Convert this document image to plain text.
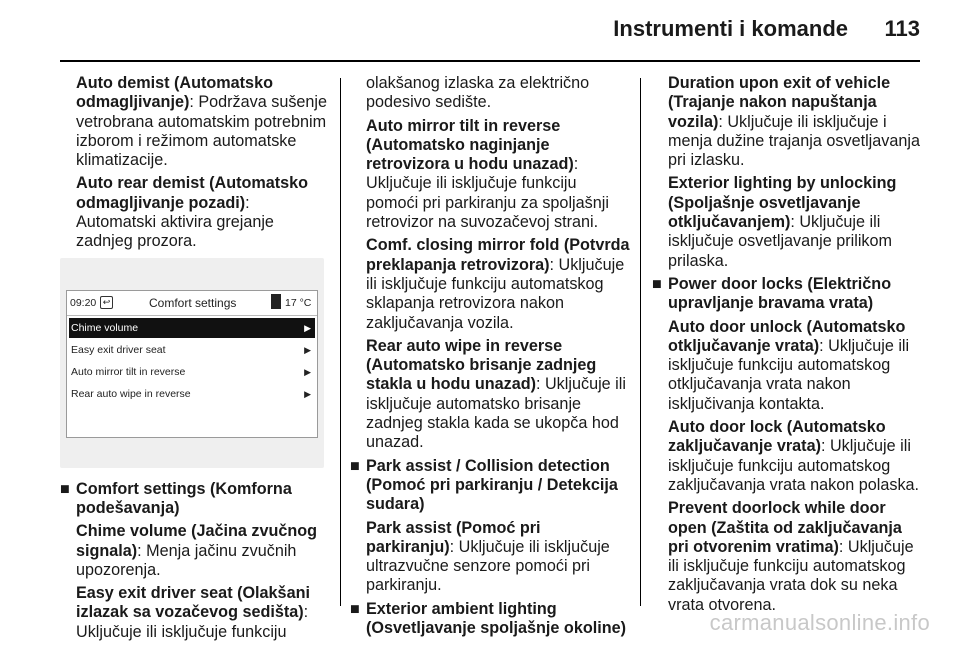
Instrumenti i komande 113

Auto demist (Automatsko odmagljivanje): Podržava sušenje vetrobrana automatskim potrebnim izborom i režimom automatske klimatizacije.

Auto rear demist (Automatsko odmagljivanje pozadi): Automatski aktivira grejanje zadnjeg prozora.

09:20 ↩	Comfort settings	17 °C
Chime volume	▶
Easy exit driver seat	▶
Auto mirror tilt in reverse	▶
Rear auto wipe in reverse	▶

■ Comfort settings (Komforna podešavanja)

Chime volume (Jačina zvučnog signala): Menja jačinu zvučnih upozorenja.

Easy exit driver seat (Olakšani izlazak sa vozačevog sedišta): Uključuje ili isključuje funkciju

olakšanog izlaska za električno podesivo sedište.

Auto mirror tilt in reverse (Automatsko naginjanje retrovizora u hodu unazad): Uključuje ili isključuje funkciju pomoći pri parkiranju za spoljašnji retrovizor na suvozačevoj strani.

Comf. closing mirror fold (Potvrda preklapanja retrovizora): Uključuje ili isključuje funkciju automatskog sklapanja retrovizora nakon zaključavanja vozila.

Rear auto wipe in reverse (Automatsko brisanje zadnjeg stakla u hodu unazad): Uključuje ili isključuje automatsko brisanje zadnjeg stakla kada se ukopča hod unazad.

■ Park assist / Collision detection (Pomoć pri parkiranju / Detekcija sudara)

Park assist (Pomoć pri parkiranju): Uključuje ili isključuje ultrazvučne senzore pomoći pri parkiranju.

■ Exterior ambient lighting (Osvetljavanje spoljašnje okoline)

Duration upon exit of vehicle (Trajanje nakon napuštanja vozila): Uključuje ili isključuje i menja dužine trajanja osvetljavanja pri izlasku.

Exterior lighting by unlocking (Spoljašnje osvetljavanje otključavanjem): Uključuje ili isključuje osvetljavanje prilikom prilaska.

■ Power door locks (Električno upravljanje bravama vrata)

Auto door unlock (Automatsko otključavanje vrata): Uključuje ili isključuje funkciju automatskog otključavanja vrata nakon isključivanja kontakta.

Auto door lock (Automatsko zaključavanje vrata): Uključuje ili isključuje funkciju automatskog zaključavanja vrata nakon polaska.

Prevent doorlock while door open (Zaštita od zaključavanja pri otvorenim vratima): Uključuje ili isključuje funkciju automatskog zaključavanja vrata dok su neka vrata otvorena.

carmanualsonline.info
